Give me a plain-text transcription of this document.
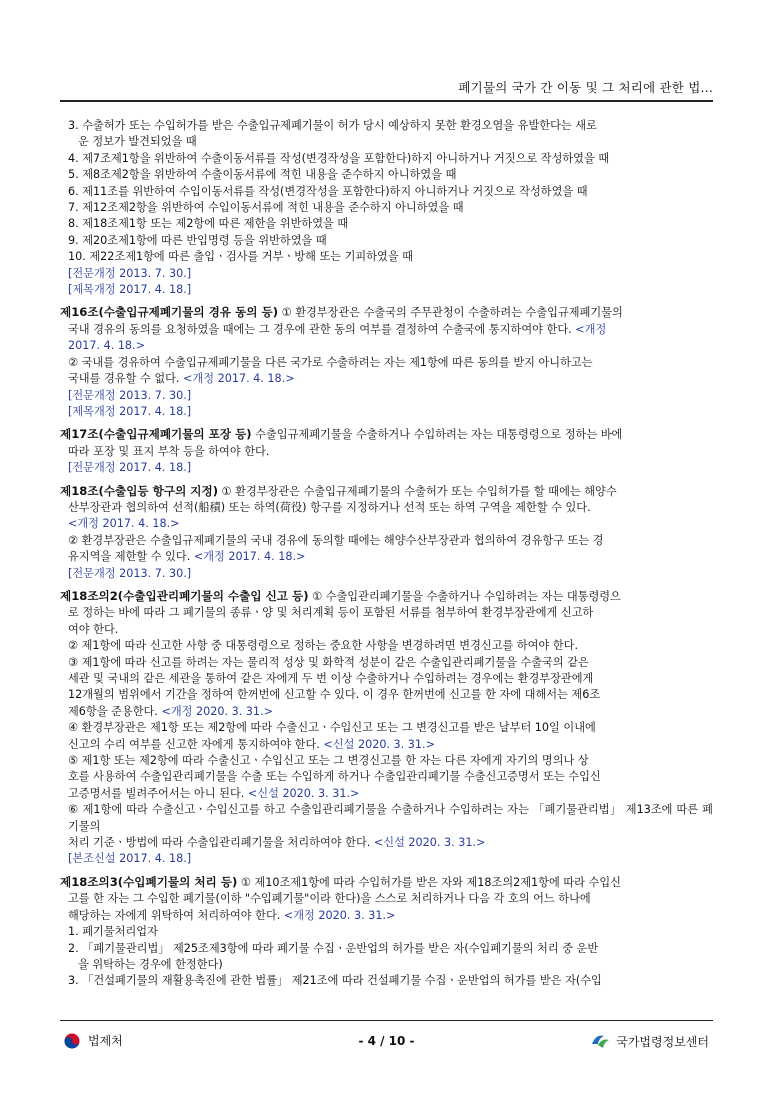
폐기물의 국가 간 이동 및 그 처리에 관한 법...

3. 수출허가 또는 수입허가를 받은 수출입규제폐기물이 허가 당시 예상하지 못한 환경오염을 유발한다는 새로
운 정보가 발견되었을 때

4. 제7조제1항을 위반하여 수출이동서류를 작성(변경작성을 포함한다)하지 아니하거나 거짓으로 작성하였을 때

5. 제8조제2항을 위반하여 수출이동서류에 적힌 내용을 준수하지 아니하였을 때

6. 제11조를 위반하여 수입이동서류를 작성(변경작성을 포함한다)하지 아니하거나 거짓으로 작성하였을 때

7. 제12조제2항을 위반하여 수입이동서류에 적힌 내용을 준수하지 아니하였을 때

8. 제18조제1항 또는 제2항에 따른 제한을 위반하였을 때

9. 제20조제1항에 따른 반입명령 등을 위반하였을 때

10. 제22조제1항에 따른 출입ㆍ검사를 거부ㆍ방해 또는 기피하였을 때

[전문개정 2013. 7. 30.]

[제목개정 2017. 4. 18.]

제16조(수출입규제폐기물의 경유 동의 등) ① 환경부장관은 수출국의 주무관청이 수출하려는 수출입규제폐기물의
국내 경유의 동의를 요청하였을 때에는 그 경우에 관한 동의 여부를 결정하여 수출국에 통지하여야 한다. <개정
2017. 4. 18.>

② 국내를 경유하여 수출입규제폐기물을 다른 국가로 수출하려는 자는 제1항에 따른 동의를 받지 아니하고는
국내를 경유할 수 없다. <개정 2017. 4. 18.>

[전문개정 2013. 7. 30.]

[제목개정 2017. 4. 18.]

제17조(수출입규제폐기물의 포장 등) 수출입규제폐기물을 수출하거나 수입하려는 자는 대통령령으로 정하는 바에
따라 포장 및 표지 부착 등을 하여야 한다.

[전문개정 2017. 4. 18.]

제18조(수출입등 항구의 지정) ① 환경부장관은 수출입규제폐기물의 수출허가 또는 수입허가를 할 때에는 해양수
산부장관과 협의하여 선적(船積) 또는 하역(荷役) 항구를 지정하거나 선적 또는 하역 구역을 제한할 수 있다.
<개정 2017. 4. 18.>

② 환경부장관은 수출입규제폐기물의 국내 경유에 동의할 때에는 해양수산부장관과 협의하여 경유항구 또는 경
유지역을 제한할 수 있다. <개정 2017. 4. 18.>

[전문개정 2013. 7. 30.]

제18조의2(수출입관리폐기물의 수출입 신고 등) ① 수출입관리폐기물을 수출하거나 수입하려는 자는 대통령령으
로 정하는 바에 따라 그 폐기물의 종류ㆍ양 및 처리계획 등이 포함된 서류를 첨부하여 환경부장관에게 신고하
여야 한다.

② 제1항에 따라 신고한 사항 중 대통령령으로 정하는 중요한 사항을 변경하려면 변경신고를 하여야 한다.

③ 제1항에 따라 신고를 하려는 자는 물리적 성상 및 화학적 성분이 같은 수출입관리폐기물을 수출국의 같은
세관 및 국내의 같은 세관을 통하여 같은 자에게 두 번 이상 수출하거나 수입하려는 경우에는 환경부장관에게
12개월의 범위에서 기간을 정하여 한꺼번에 신고할 수 있다. 이 경우 한꺼번에 신고를 한 자에 대해서는 제6조
제6항을 준용한다. <개정 2020. 3. 31.>

④ 환경부장관은 제1항 또는 제2항에 따라 수출신고ㆍ수입신고 또는 그 변경신고를 받은 날부터 10일 이내에
신고의 수리 여부를 신고한 자에게 통지하여야 한다. <신설 2020. 3. 31.>

⑤ 제1항 또는 제2항에 따라 수출신고ㆍ수입신고 또는 그 변경신고를 한 자는 다른 자에게 자기의 명의나 상
호를 사용하여 수출입관리폐기물을 수출 또는 수입하게 하거나 수출입관리폐기물 수출신고증명서 또는 수입신
고증명서를 빌려주어서는 아니 된다. <신설 2020. 3. 31.>

⑥ 제1항에 따라 수출신고ㆍ수입신고를 하고 수출입관리폐기물을 수출하거나 수입하려는 자는 「폐기물관리법」 제13조에 따른 폐기물의
처리 기준ㆍ방법에 따라 수출입관리폐기물을 처리하여야 한다. <신설 2020. 3. 31.>

[본조신설 2017. 4. 18.]

제18조의3(수입폐기물의 처리 등) ① 제10조제1항에 따라 수입허가를 받은 자와 제18조의2제1항에 따라 수입신
고를 한 자는 그 수입한 폐기물(이하 "수입폐기물"이라 한다)을 스스로 처리하거나 다음 각 호의 어느 하나에
해당하는 자에게 위탁하여 처리하여야 한다. <개정 2020. 3. 31.>

1. 폐기물처리업자

2. 「폐기물관리법」 제25조제3항에 따라 폐기물 수집ㆍ운반업의 허가를 받은 자(수입폐기물의 처리 중 운반
을 위탁하는 경우에 한정한다)

3. 「건설폐기물의 재활용촉진에 관한 법률」 제21조에 따라 건설폐기물 수집ㆍ운반업의 허가를 받은 자(수입

법제처	- 4 / 10 -	국가법령정보센터
